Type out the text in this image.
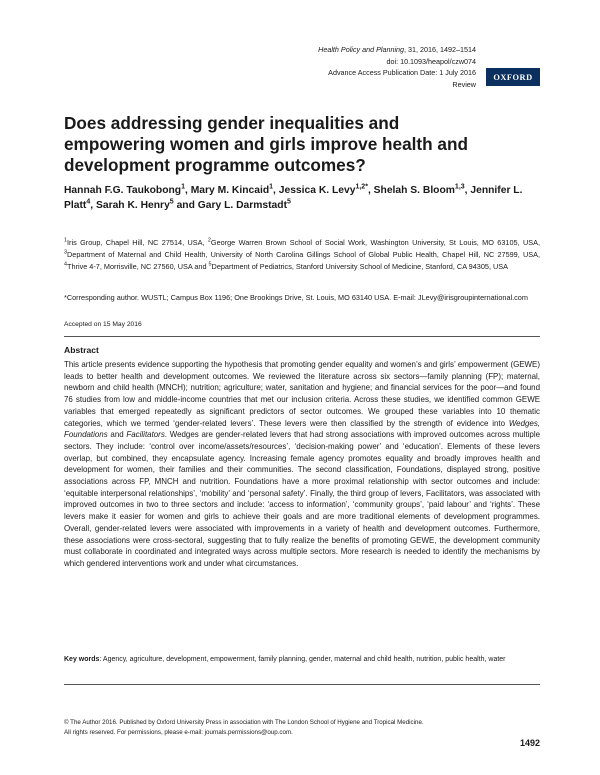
Health Policy and Planning, 31, 2016, 1492–1514
doi: 10.1093/heapol/czw074
Advance Access Publication Date: 1 July 2016
Review
OXFORD
Does addressing gender inequalities and empowering women and girls improve health and development programme outcomes?
Hannah F.G. Taukobong$^1$, Mary M. Kincaid$^1$, Jessica K. Levy$^{1,2*}$, Shelah S. Bloom$^{1,3}$, Jennifer L. Platt$^4$, Sarah K. Henry$^5$ and Gary L. Darmstadt$^5$
$^1$Iris Group, Chapel Hill, NC 27514, USA, $^2$George Warren Brown School of Social Work, Washington University, St Louis, MO 63105, USA, $^3$Department of Maternal and Child Health, University of North Carolina Gillings School of Global Public Health, Chapel Hill, NC 27599, USA, $^4$Thrive 4-7, Morrisville, NC 27560, USA and $^5$Department of Pediatrics, Stanford University School of Medicine, Stanford, CA 94305, USA
*Corresponding author. WUSTL; Campus Box 1196; One Brookings Drive, St. Louis, MO 63140 USA. E-mail: JLevy@irisgroupinternational.com
Accepted on 15 May 2016
Abstract

This article presents evidence supporting the hypothesis that promoting gender equality and women’s and girls’ empowerment (GEWE) leads to better health and development outcomes. We reviewed the literature across six sectors—family planning (FP); maternal, newborn and child health (MNCH); nutrition; agriculture; water, sanitation and hygiene; and financial services for the poor—and found 76 studies from low and middle-income countries that met our inclusion criteria. Across these studies, we identified common GEWE variables that emerged repeatedly as significant predictors of sector outcomes. We grouped these variables into 10 thematic categories, which we termed ‘gender-related levers’. These levers were then classified by the strength of evidence into Wedges, Foundations and Facilitators. Wedges are gender-related levers that had strong associations with improved outcomes across multiple sectors. They include: ‘control over income/assets/resources’, ‘decision-making power’ and ‘education’. Elements of these levers overlap, but combined, they encapsulate agency. Increasing female agency promotes equality and broadly improves health and development for women, their families and their communities. The second classification, Foundations, displayed strong, positive associations across FP, MNCH and nutrition. Foundations have a more proximal relationship with sector outcomes and include: ‘equitable interpersonal relationships’, ‘mobility’ and ‘personal safety’. Finally, the third group of levers, Facilitators, was associated with improved outcomes in two to three sectors and include: ‘access to information’, ‘community groups’, ‘paid labour’ and ‘rights’. These levers make it easier for women and girls to achieve their goals and are more traditional elements of development programmes. Overall, gender-related levers were associated with improvements in a variety of health and development outcomes. Furthermore, these associations were cross-sectoral, suggesting that to fully realize the benefits of promoting GEWE, the development community must collaborate in coordinated and integrated ways across multiple sectors. More research is needed to identify the mechanisms by which gendered interventions work and under what circumstances.

Key words: Agency, agriculture, development, empowerment, family planning, gender, maternal and child health, nutrition, public health, water
© The Author 2016. Published by Oxford University Press in association with The London School of Hygiene and Tropical Medicine.
All rights reserved. For permissions, please e-mail: journals.permissions@oup.com.
1492
